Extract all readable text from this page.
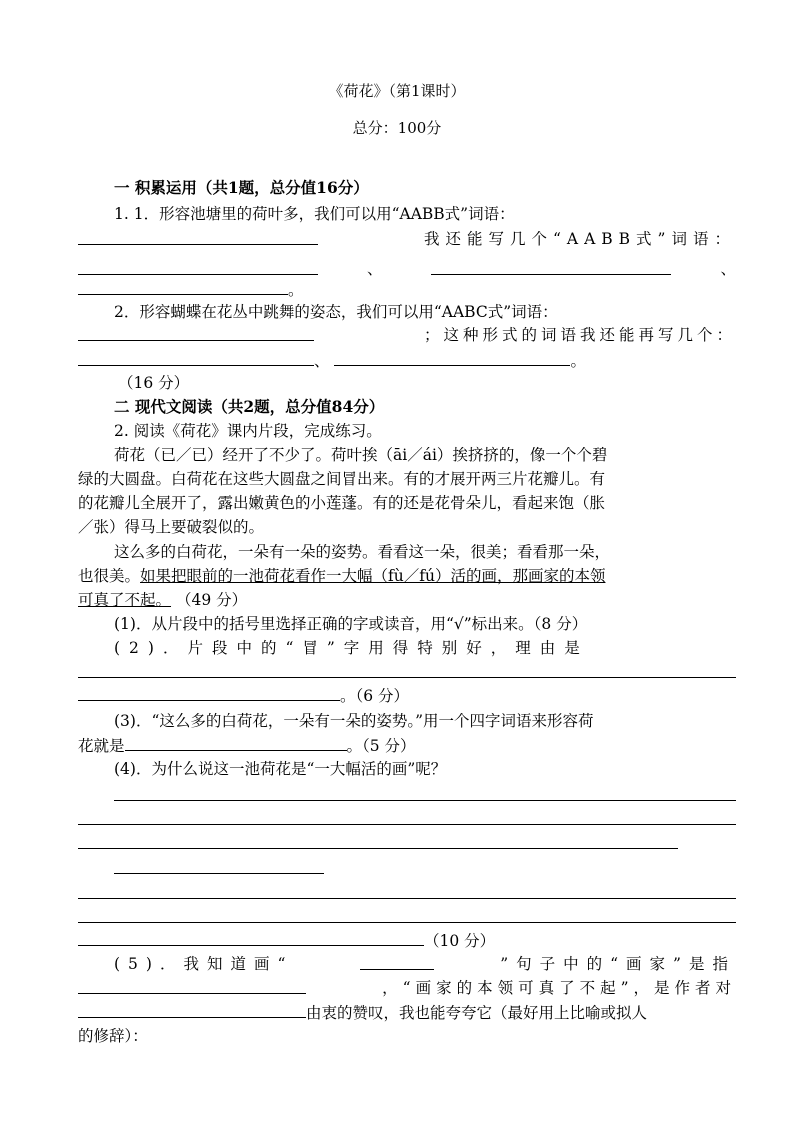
《荷花》（第1课时）
总分：100分
一 积累运用（共1题，总分值16分）
1. 1．形容池塘里的荷叶多，我们可以用“AABB式”词语：
我还能写几个“AABB式”词语：
、	、
。
2．形容蝴蝶在花丛中跳舞的姿态，我们可以用“AABC式”词语：
；这种形式的词语我还能再写几个：
、	。
（16 分）
二 现代文阅读（共2题，总分值84分）
2. 阅读《荷花》课内片段，完成练习。
荷花（已／已）经开了不少了。荷叶挨（āi／ái）挨挤挤的，像一个个碧
绿的大圆盘。白荷花在这些大圆盘之间冒出来。有的才展开两三片花瓣儿。有
的花瓣儿全展开了，露出嫩黄色的小莲蓬。有的还是花骨朵儿，看起来饱（胀
／张）得马上要破裂似的。
这么多的白荷花，一朵有一朵的姿势。看看这一朵，很美；看看那一朵，
也很美。如果把眼前的一池荷花看作一大幅（fù／fú）活的画，那画家的本领
可真了不起。 （49 分）
(1)．从片段中的括号里选择正确的字或读音，用“√”标出来。（8 分）
(2)．片段中的“冒”字用得特别好，理由是
。（6 分）
(3)．“这么多的白荷花，一朵有一朵的姿势。”用一个四字词语来形容荷
花就是	。（5 分）
(4)．为什么说这一池荷花是“一大幅活的画”呢？
（10 分）
(5)．我知道画“	”句子中的“画家”是指
，“画家的本领可真了不起”，是作者对
由衷的赞叹，我也能夸夸它（最好用上比喻或拟人
的修辞）：
